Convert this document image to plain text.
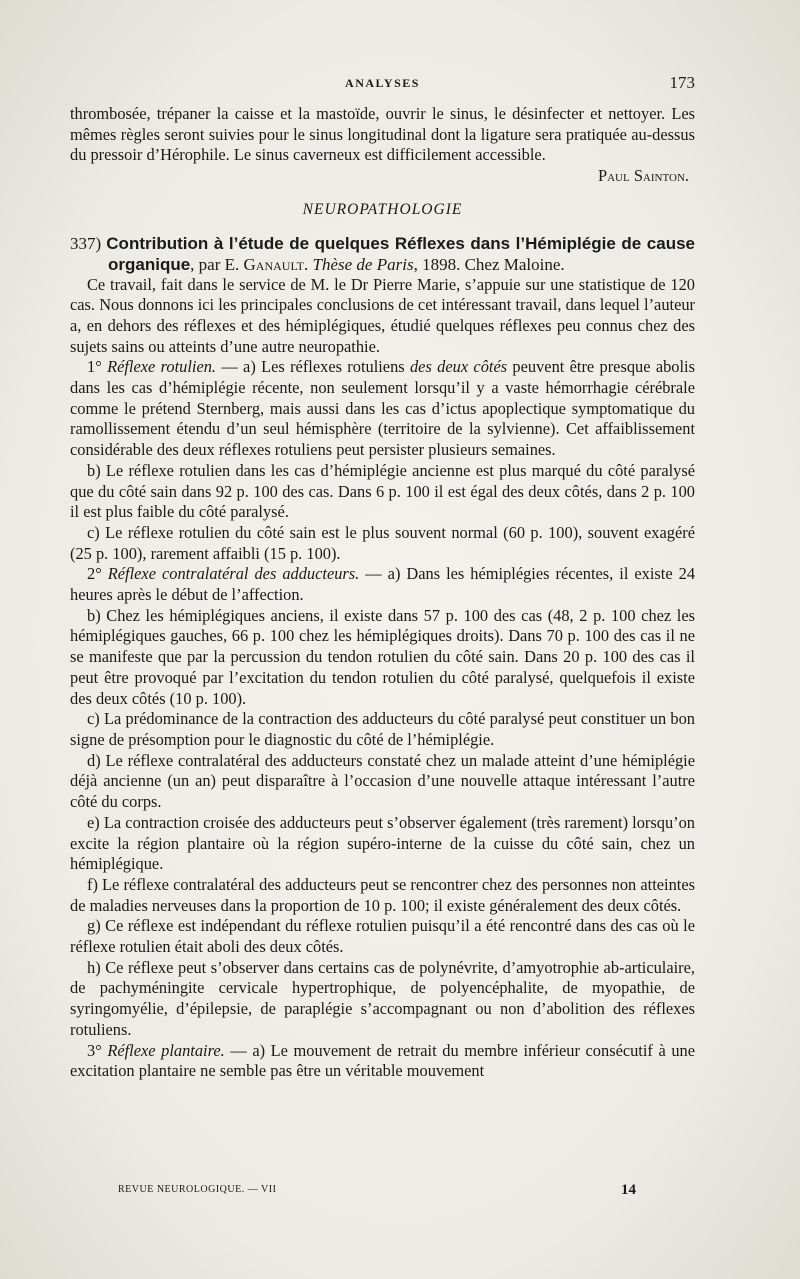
ANALYSES	173

thrombosée, trépaner la caisse et la mastoïde, ouvrir le sinus, le désinfecter et nettoyer. Les mêmes règles seront suivies pour le sinus longitudinal dont la ligature sera pratiquée au-dessus du pressoir d’Hérophile. Le sinus caverneux est difficilement accessible.

Paul Sainton.

NEUROPATHOLOGIE

337) Contribution à l’étude de quelques Réflexes dans l’Hémiplégie de cause organique, par E. Ganault. Thèse de Paris, 1898. Chez Maloine.

Ce travail, fait dans le service de M. le Dr Pierre Marie, s’appuie sur une statistique de 120 cas. Nous donnons ici les principales conclusions de cet intéressant travail, dans lequel l’auteur a, en dehors des réflexes et des hémiplégiques, étudié quelques réflexes peu connus chez des sujets sains ou atteints d’une autre neuropathie.

1° Réflexe rotulien. — a) Les réflexes rotuliens des deux côtés peuvent être presque abolis dans les cas d’hémiplégie récente, non seulement lorsqu’il y a vaste hémorrhagie cérébrale comme le prétend Sternberg, mais aussi dans les cas d’ictus apoplectique symptomatique du ramollissement étendu d’un seul hémisphère (territoire de la sylvienne). Cet affaiblissement considérable des deux réflexes rotuliens peut persister plusieurs semaines.

b) Le réflexe rotulien dans les cas d’hémiplégie ancienne est plus marqué du côté paralysé que du côté sain dans 92 p. 100 des cas. Dans 6 p. 100 il est égal des deux côtés, dans 2 p. 100 il est plus faible du côté paralysé.

c) Le réflexe rotulien du côté sain est le plus souvent normal (60 p. 100), souvent exagéré (25 p. 100), rarement affaibli (15 p. 100).

2° Réflexe contralatéral des adducteurs. — a) Dans les hémiplégies récentes, il existe 24 heures après le début de l’affection.

b) Chez les hémiplégiques anciens, il existe dans 57 p. 100 des cas (48, 2 p. 100 chez les hémiplégiques gauches, 66 p. 100 chez les hémiplégiques droits). Dans 70 p. 100 des cas il ne se manifeste que par la percussion du tendon rotulien du côté sain. Dans 20 p. 100 des cas il peut être provoqué par l’excitation du tendon rotulien du côté paralysé, quelquefois il existe des deux côtés (10 p. 100).

c) La prédominance de la contraction des adducteurs du côté paralysé peut constituer un bon signe de présomption pour le diagnostic du côté de l’hémiplégie.

d) Le réflexe contralatéral des adducteurs constaté chez un malade atteint d’une hémiplégie déjà ancienne (un an) peut disparaître à l’occasion d’une nouvelle attaque intéressant l’autre côté du corps.

e) La contraction croisée des adducteurs peut s’observer également (très rarement) lorsqu’on excite la région plantaire où la région supéro-interne de la cuisse du côté sain, chez un hémiplégique.

f) Le réflexe contralatéral des adducteurs peut se rencontrer chez des personnes non atteintes de maladies nerveuses dans la proportion de 10 p. 100; il existe généralement des deux côtés.

g) Ce réflexe est indépendant du réflexe rotulien puisqu’il a été rencontré dans des cas où le réflexe rotulien était aboli des deux côtés.

h) Ce réflexe peut s’observer dans certains cas de polynévrite, d’amyotrophie ab-articulaire, de pachyméningite cervicale hypertrophique, de polyencéphalite, de myopathie, de syringomyélie, d’épilepsie, de paraplégie s’accompagnant ou non d’abolition des réflexes rotuliens.

3° Réflexe plantaire. — a) Le mouvement de retrait du membre inférieur consécutif à une excitation plantaire ne semble pas être un véritable mouvement

REVUE NEUROLOGIQUE. — VII	14
